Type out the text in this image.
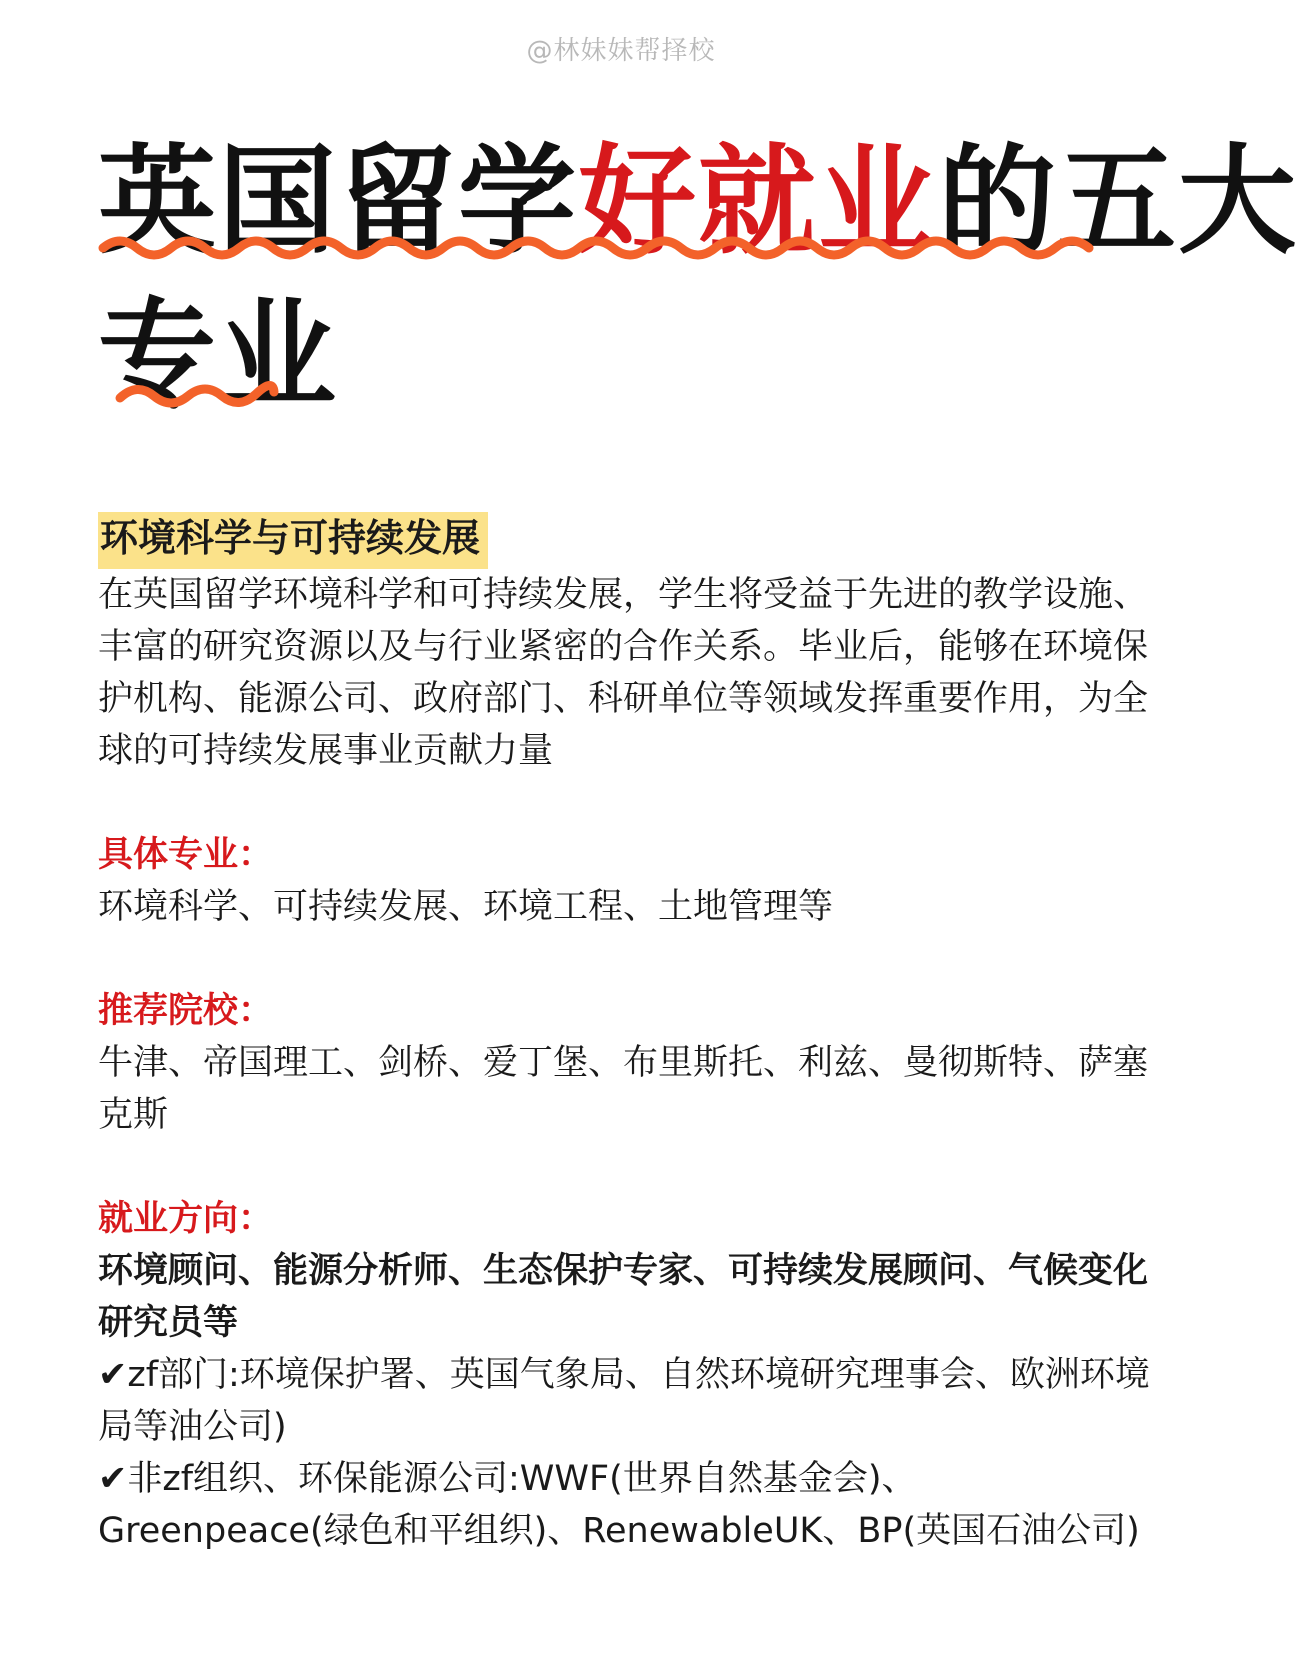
@林妹妹帮择校
英国留学好就业的五大
专业
环境科学与可持续发展

在英国留学环境科学和可持续发展，学生将受益于先进的教学设施、丰富的研究资源以及与行业紧密的合作关系。毕业后，能够在环境保护机构、能源公司、政府部门、科研单位等领域发挥重要作用，为全球的可持续发展事业贡献力量

具体专业：

环境科学、可持续发展、环境工程、土地管理等

推荐院校：

牛津、帝国理工、剑桥、爱丁堡、布里斯托、利兹、曼彻斯特、萨塞克斯

就业方向：

环境顾问、能源分析师、生态保护专家、可持续发展顾问、气候变化研究员等

✔zf部门:环境保护署、英国气象局、自然环境研究理事会、欧洲环境局等油公司)

✔非zf组织、环保能源公司:WWF(世界自然基金会)、Greenpeace(绿色和平组织)、RenewableUK、BP(英国石油公司)
